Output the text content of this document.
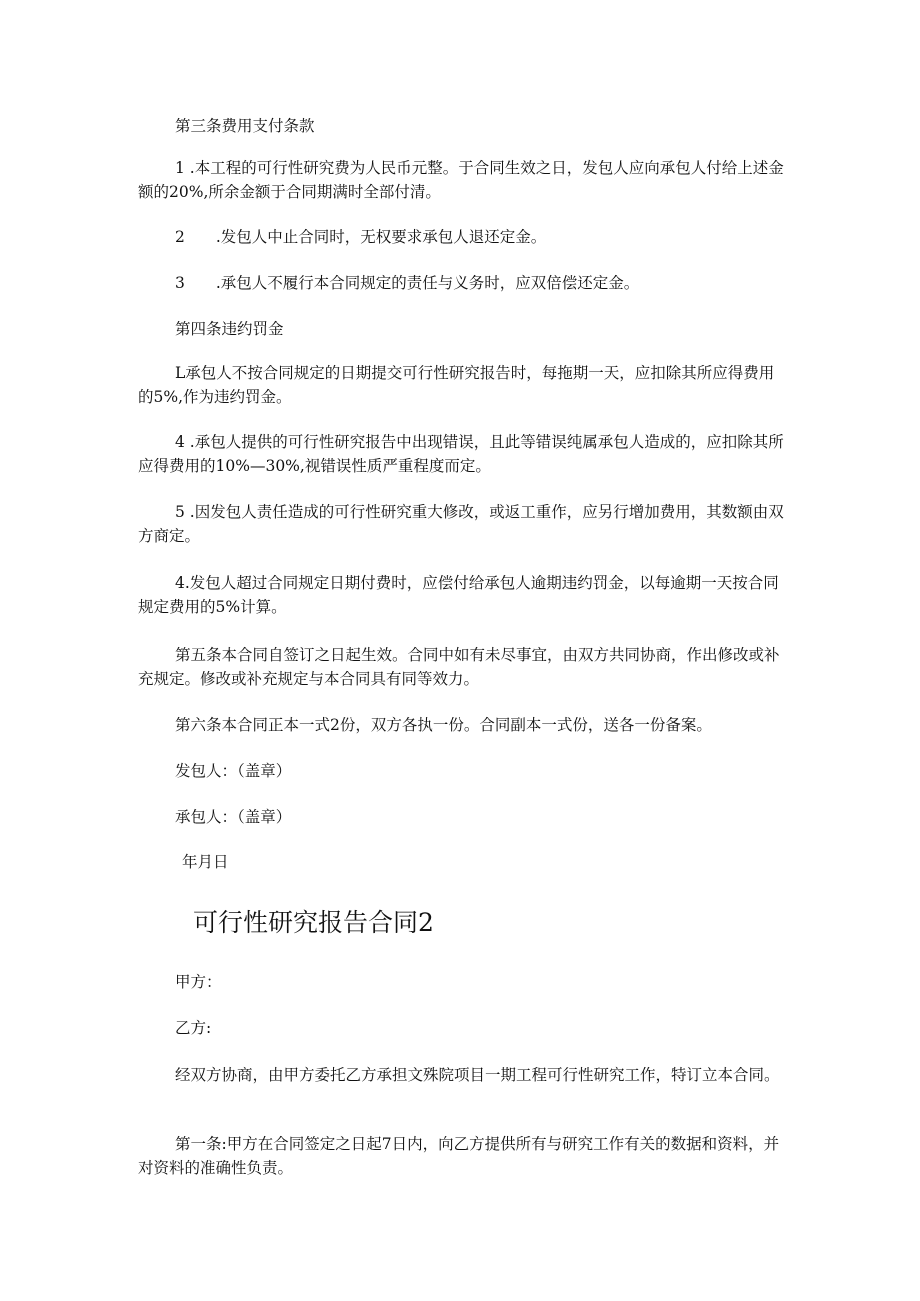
第三条费用支付条款

1 .本工程的可行性研究费为人民币元整。于合同生效之日，发包人应向承包人付给上述金额的20%,所余金额于合同期满时全部付清。

2　　.发包人中止合同时，无权要求承包人退还定金。

3　　.承包人不履行本合同规定的责任与义务时，应双倍偿还定金。

第四条违约罚金

L承包人不按合同规定的日期提交可行性研究报告时，每拖期一天，应扣除其所应得费用的5%,作为违约罚金。

4 .承包人提供的可行性研究报告中出现错误，且此等错误纯属承包人造成的，应扣除其所应得费用的10%—30%,视错误性质严重程度而定。

5 .因发包人责任造成的可行性研究重大修改，或返工重作，应另行增加费用，其数额由双方商定。

4.发包人超过合同规定日期付费时，应偿付给承包人逾期违约罚金，以每逾期一天按合同规定费用的5%计算。

第五条本合同自签订之日起生效。合同中如有未尽事宜，由双方共同协商，作出修改或补充规定。修改或补充规定与本合同具有同等效力。

第六条本合同正本一式2份，双方各执一份。合同副本一式份，送各一份备案。

发包人：（盖章）

承包人：（盖章）

年月日

可行性研究报告合同2

甲方：

乙方:

经双方协商，由甲方委托乙方承担文殊院项目一期工程可行性研究工作，特订立本合同。

第一条:甲方在合同签定之日起7日内，向乙方提供所有与研究工作有关的数据和资料，并对资料的准确性负责。
